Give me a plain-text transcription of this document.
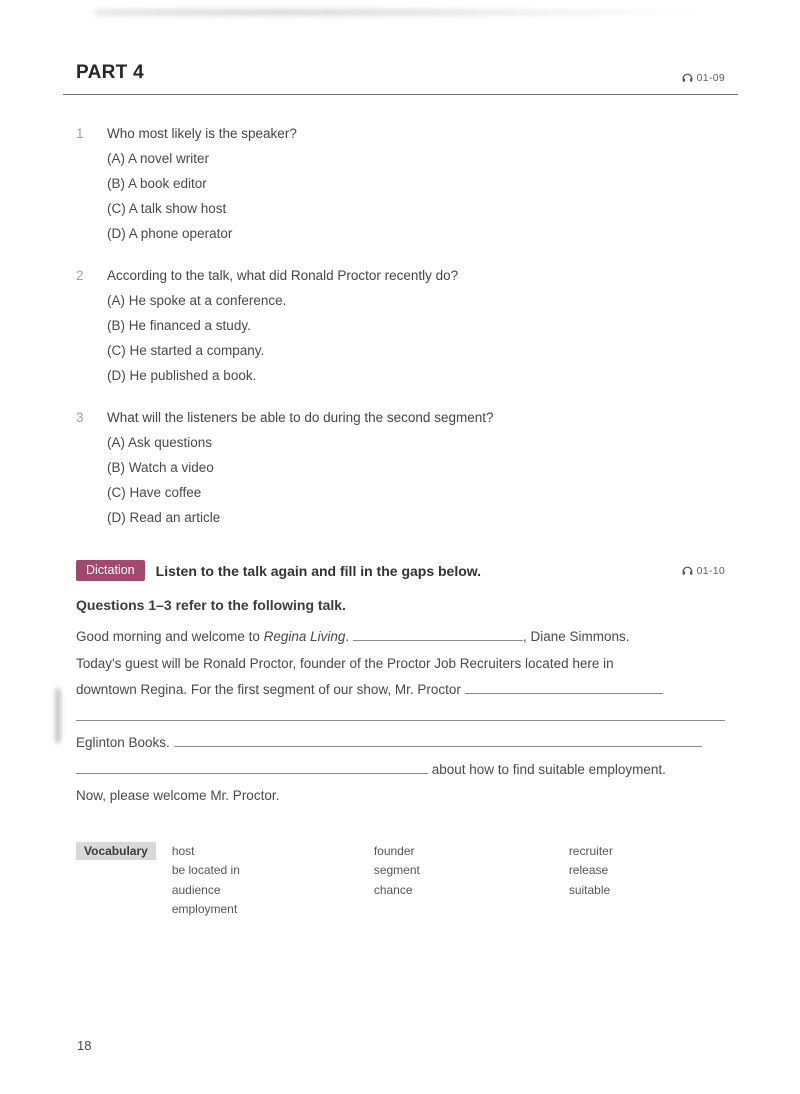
PART 4	01-09
1	Who most likely is the speaker?
(A) A novel writer
(B) A book editor
(C) A talk show host
(D) A phone operator
2	According to the talk, what did Ronald Proctor recently do?
(A) He spoke at a conference.
(B) He financed a study.
(C) He started a company.
(D) He published a book.
3	What will the listeners be able to do during the second segment?
(A) Ask questions
(B) Watch a video
(C) Have coffee
(D) Read an article
Dictation	Listen to the talk again and fill in the gaps below.	01-10
Questions 1–3 refer to the following talk.
Good morning and welcome to Regina Living.	, Diane Simmons.
Today's guest will be Ronald Proctor, founder of the Proctor Job Recruiters located here in
downtown Regina. For the first segment of our show, Mr. Proctor
Eglinton Books.
about how to find suitable employment.
Now, please welcome Mr. Proctor.
Vocabulary	host
be located in
audience
employment
founder
segment
chance
recruiter
release
suitable
18
